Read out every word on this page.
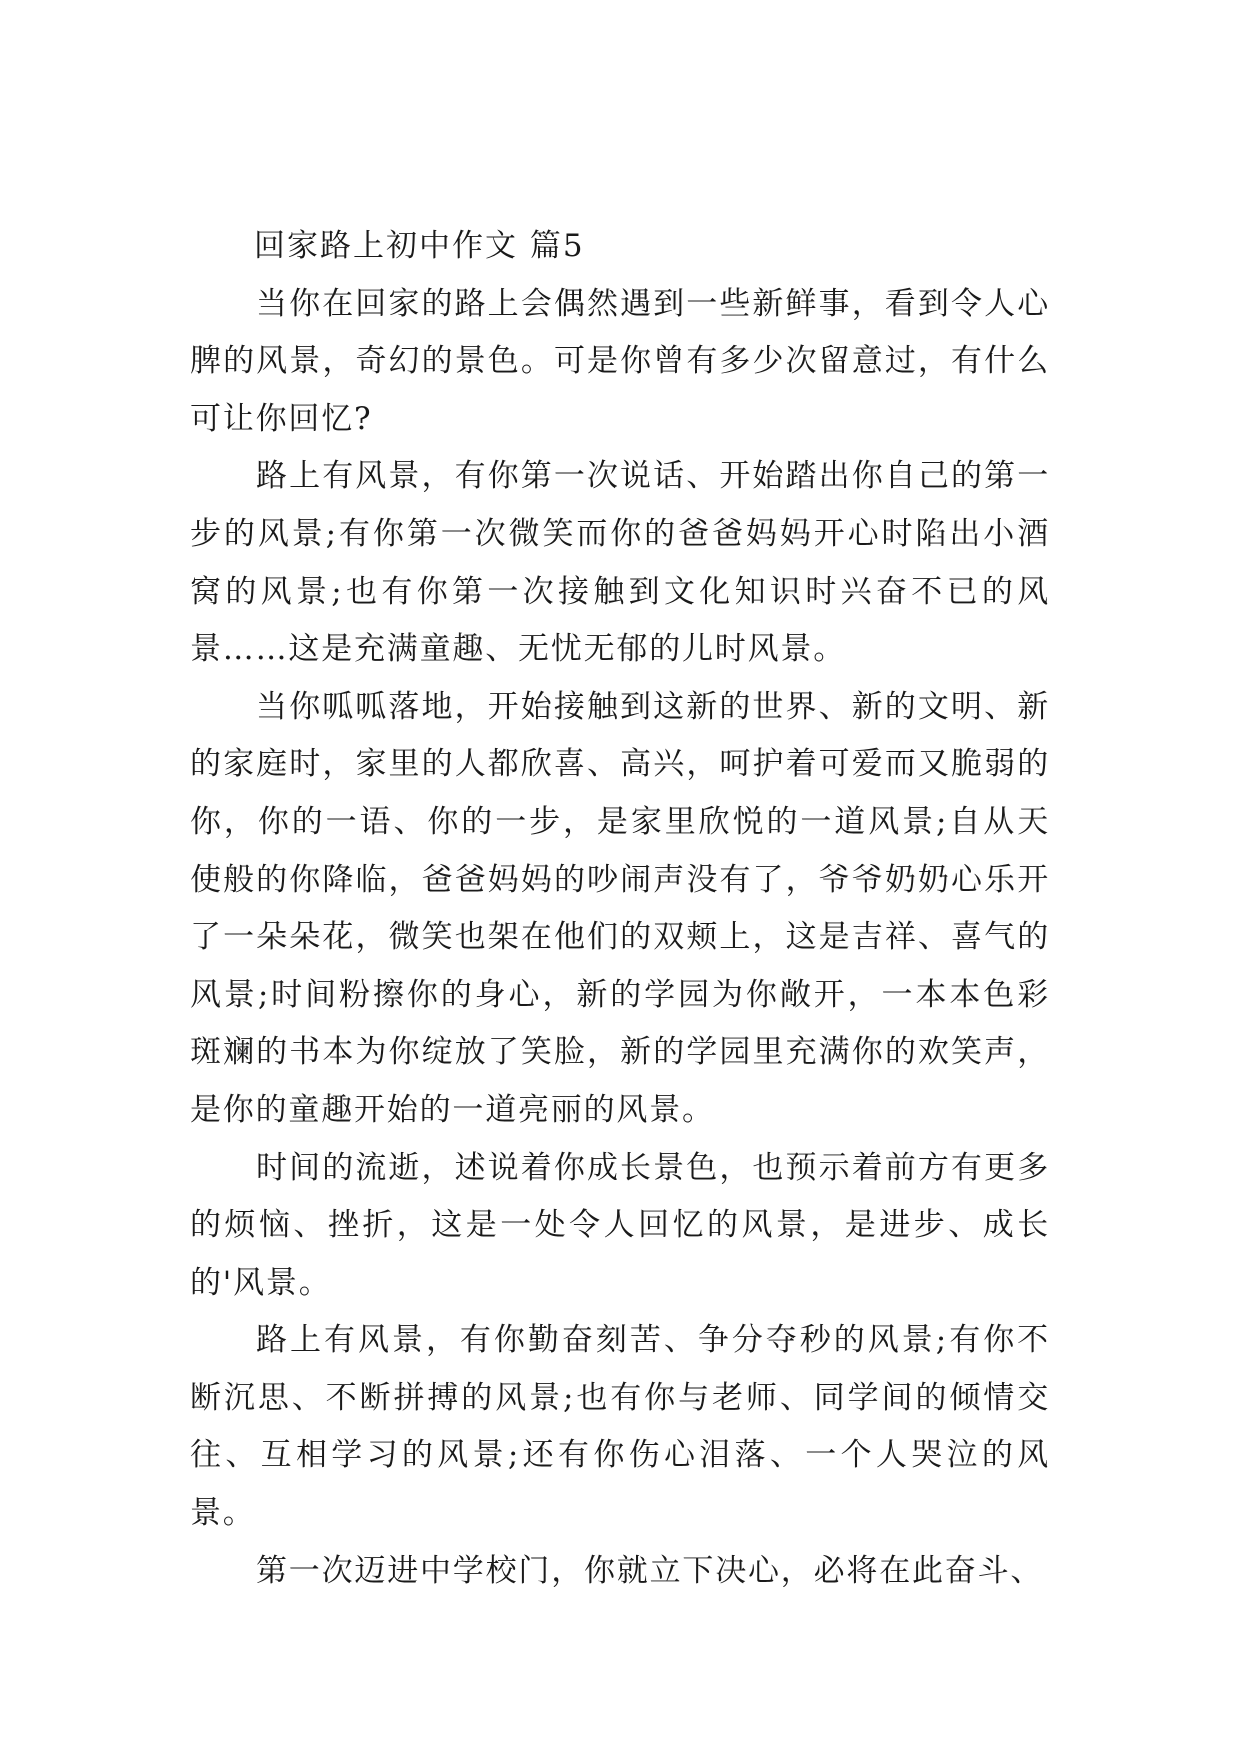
回家路上初中作文 篇5

当你在回家的路上会偶然遇到一些新鲜事，看到令人心脾的风景，奇幻的景色。可是你曾有多少次留意过，有什么可让你回忆?

路上有风景，有你第一次说话、开始踏出你自己的第一步的风景;有你第一次微笑而你的爸爸妈妈开心时陷出小酒窝的风景;也有你第一次接触到文化知识时兴奋不已的风景……这是充满童趣、无忧无郁的儿时风景。

当你呱呱落地，开始接触到这新的世界、新的文明、新的家庭时，家里的人都欣喜、高兴，呵护着可爱而又脆弱的你，你的一语、你的一步，是家里欣悦的一道风景;自从天使般的你降临，爸爸妈妈的吵闹声没有了，爷爷奶奶心乐开了一朵朵花，微笑也架在他们的双颊上，这是吉祥、喜气的风景;时间粉擦你的身心，新的学园为你敞开，一本本色彩斑斓的书本为你绽放了笑脸，新的学园里充满你的欢笑声，是你的童趣开始的一道亮丽的风景。

时间的流逝，述说着你成长景色，也预示着前方有更多的烦恼、挫折，这是一处令人回忆的风景，是进步、成长的'风景。

路上有风景，有你勤奋刻苦、争分夺秒的风景;有你不断沉思、不断拼搏的风景;也有你与老师、同学间的倾情交往、互相学习的风景;还有你伤心泪落、一个人哭泣的风景。

第一次迈进中学校门，你就立下决心，必将在此奋斗、
